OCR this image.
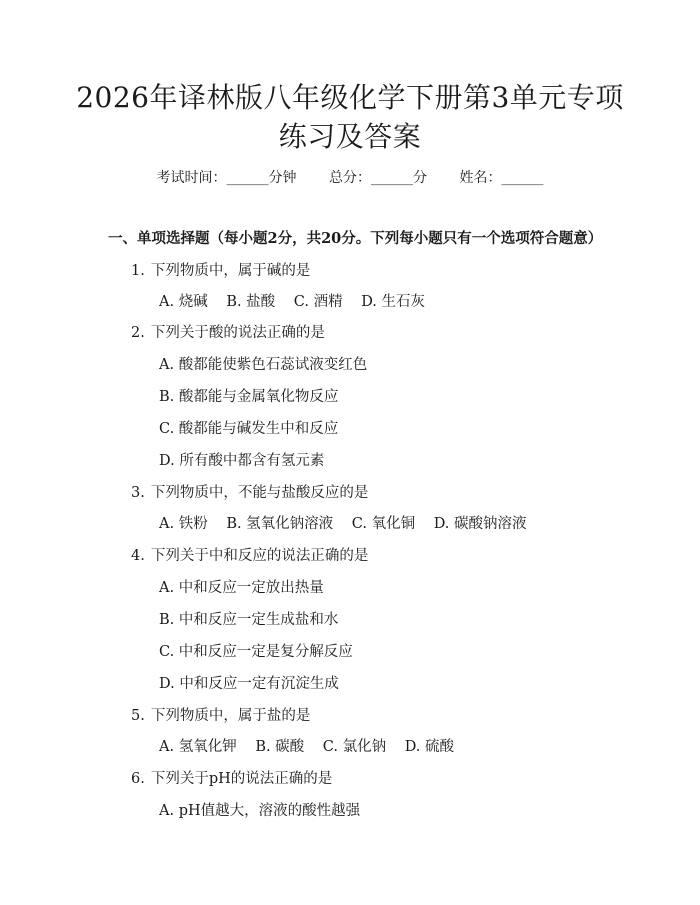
2026年译林版八年级化学下册第3单元专项
练习及答案
考试时间：______分钟 总分：______分 姓名：______
一、单项选择题（每小题2分，共20分。下列每小题只有一个选项符合题意）
1. 下列物质中，属于碱的是
A. 烧碱 B. 盐酸 C. 酒精 D. 生石灰
2. 下列关于酸的说法正确的是
A. 酸都能使紫色石蕊试液变红色
B. 酸都能与金属氧化物反应
C. 酸都能与碱发生中和反应
D. 所有酸中都含有氢元素
3. 下列物质中，不能与盐酸反应的是
A. 铁粉 B. 氢氧化钠溶液 C. 氧化铜 D. 碳酸钠溶液
4. 下列关于中和反应的说法正确的是
A. 中和反应一定放出热量
B. 中和反应一定生成盐和水
C. 中和反应一定是复分解反应
D. 中和反应一定有沉淀生成
5. 下列物质中，属于盐的是
A. 氢氧化钾 B. 碳酸 C. 氯化钠 D. 硫酸
6. 下列关于pH的说法正确的是
A. pH值越大，溶液的酸性越强
